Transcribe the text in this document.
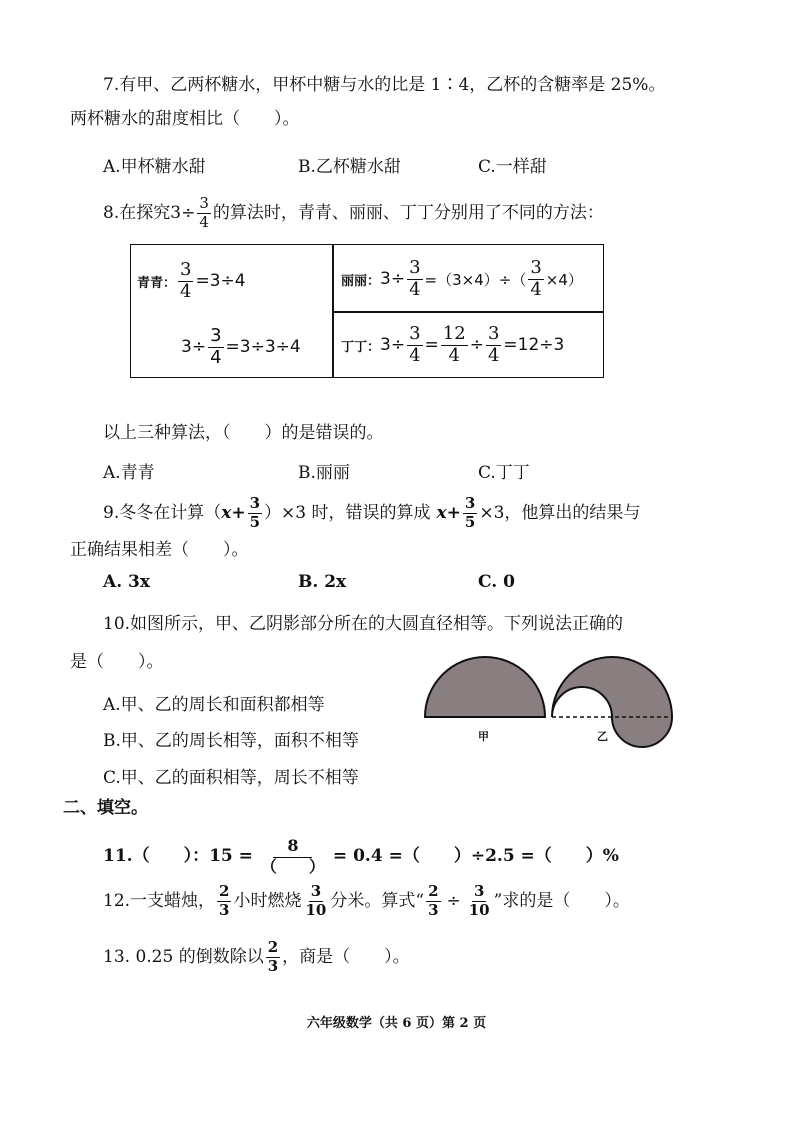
7.有甲、乙两杯糖水，甲杯中糖与水的比是 1∶4，乙杯的含糖率是 25%。
两杯糖水的甜度相比（　　）。
A.甲杯糖水甜	B.乙杯糖水甜	C.一样甜
8.在探究 $3 \div \frac{3}{4}$ 的算法时，青青、丽丽、丁丁分别用了不同的方法：
青青： $\frac{3}{4} =3\div 4$
$3\div \frac{3}{4} =3\div 3\div 4$
丽丽： $3\div \frac{3}{4} =(3\times 4)\div( \frac{3}{4} \times 4)$
丁丁： $3\div \frac{3}{4} = \frac{12}{4} \div \frac{3}{4} =12\div 3$
以上三种算法，（　　）的是错误的。
A.青青	B.丽丽	C.丁丁
9.冬冬在计算（ $x + \frac{3}{5} )\times 3$ 时，错误的算成 $x + \frac{3}{5} \times 3$，他算出的结果与
正确结果相差（　　）。
A. 3x	B. 2x	C. 0
10.如图所示，甲、乙阴影部分所在的大圆直径相等。下列说法正确的
是（　　）。
A.甲、乙的周长和面积都相等
B.甲、乙的周长相等，面积不相等
C.甲、乙的面积相等，周长不相等
甲	乙
二、填空。
11.（　　）：$15 = \frac{8}{( )} = 0.4$ =（　　）÷2.5 =（　　）%
12.一支蜡烛， $\frac{2}{3}$ 小时燃烧 $\frac{3}{10}$ 分米。算式“ $\frac{2}{3} \div \frac{3}{10}$ ”求的是（　　）。
13. 0.25 的倒数除以 $\frac{2}{3}$ ，商是（　　）。
六年级数学（共 6 页）第 2 页
